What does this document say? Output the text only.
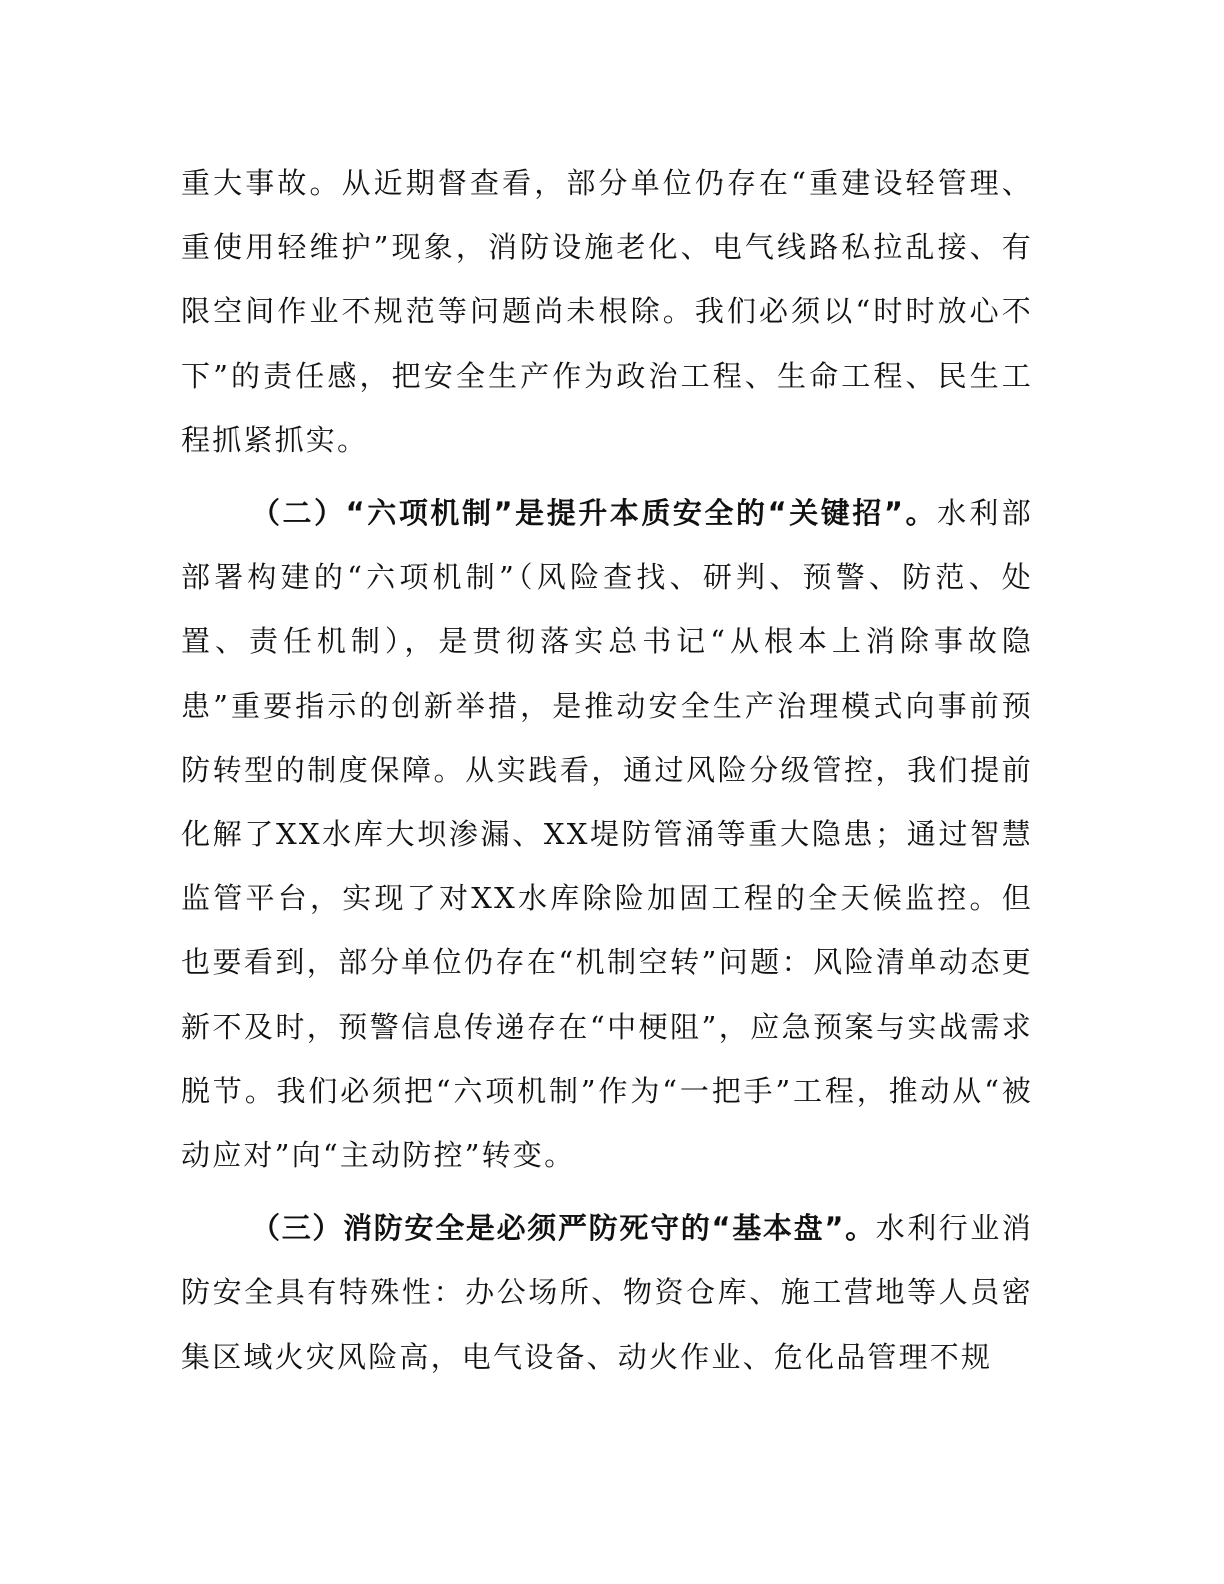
重大事故。从近期督查看，部分单位仍存在“重建设轻管理、重使用轻维护”现象，消防设施老化、电气线路私拉乱接、有限空间作业不规范等问题尚未根除。我们必须以“时时放心不下”的责任感，把安全生产作为政治工程、生命工程、民生工程抓紧抓实。

（二）“六项机制”是提升本质安全的“关键招”。水利部部署构建的“六项机制”（风险查找、研判、预警、防范、处置、责任机制），是贯彻落实总书记“从根本上消除事故隐患”重要指示的创新举措，是推动安全生产治理模式向事前预防转型的制度保障。从实践看，通过风险分级管控，我们提前化解了XX水库大坝渗漏、XX堤防管涌等重大隐患；通过智慧监管平台，实现了对XX水库除险加固工程的全天候监控。但也要看到，部分单位仍存在“机制空转”问题：风险清单动态更新不及时，预警信息传递存在“中梗阻”，应急预案与实战需求脱节。我们必须把“六项机制”作为“一把手”工程，推动从“被动应对”向“主动防控”转变。

（三）消防安全是必须严防死守的“基本盘”。水利行业消防安全具有特殊性：办公场所、物资仓库、施工营地等人员密集区域火灾风险高，电气设备、动火作业、危化品管理不规
